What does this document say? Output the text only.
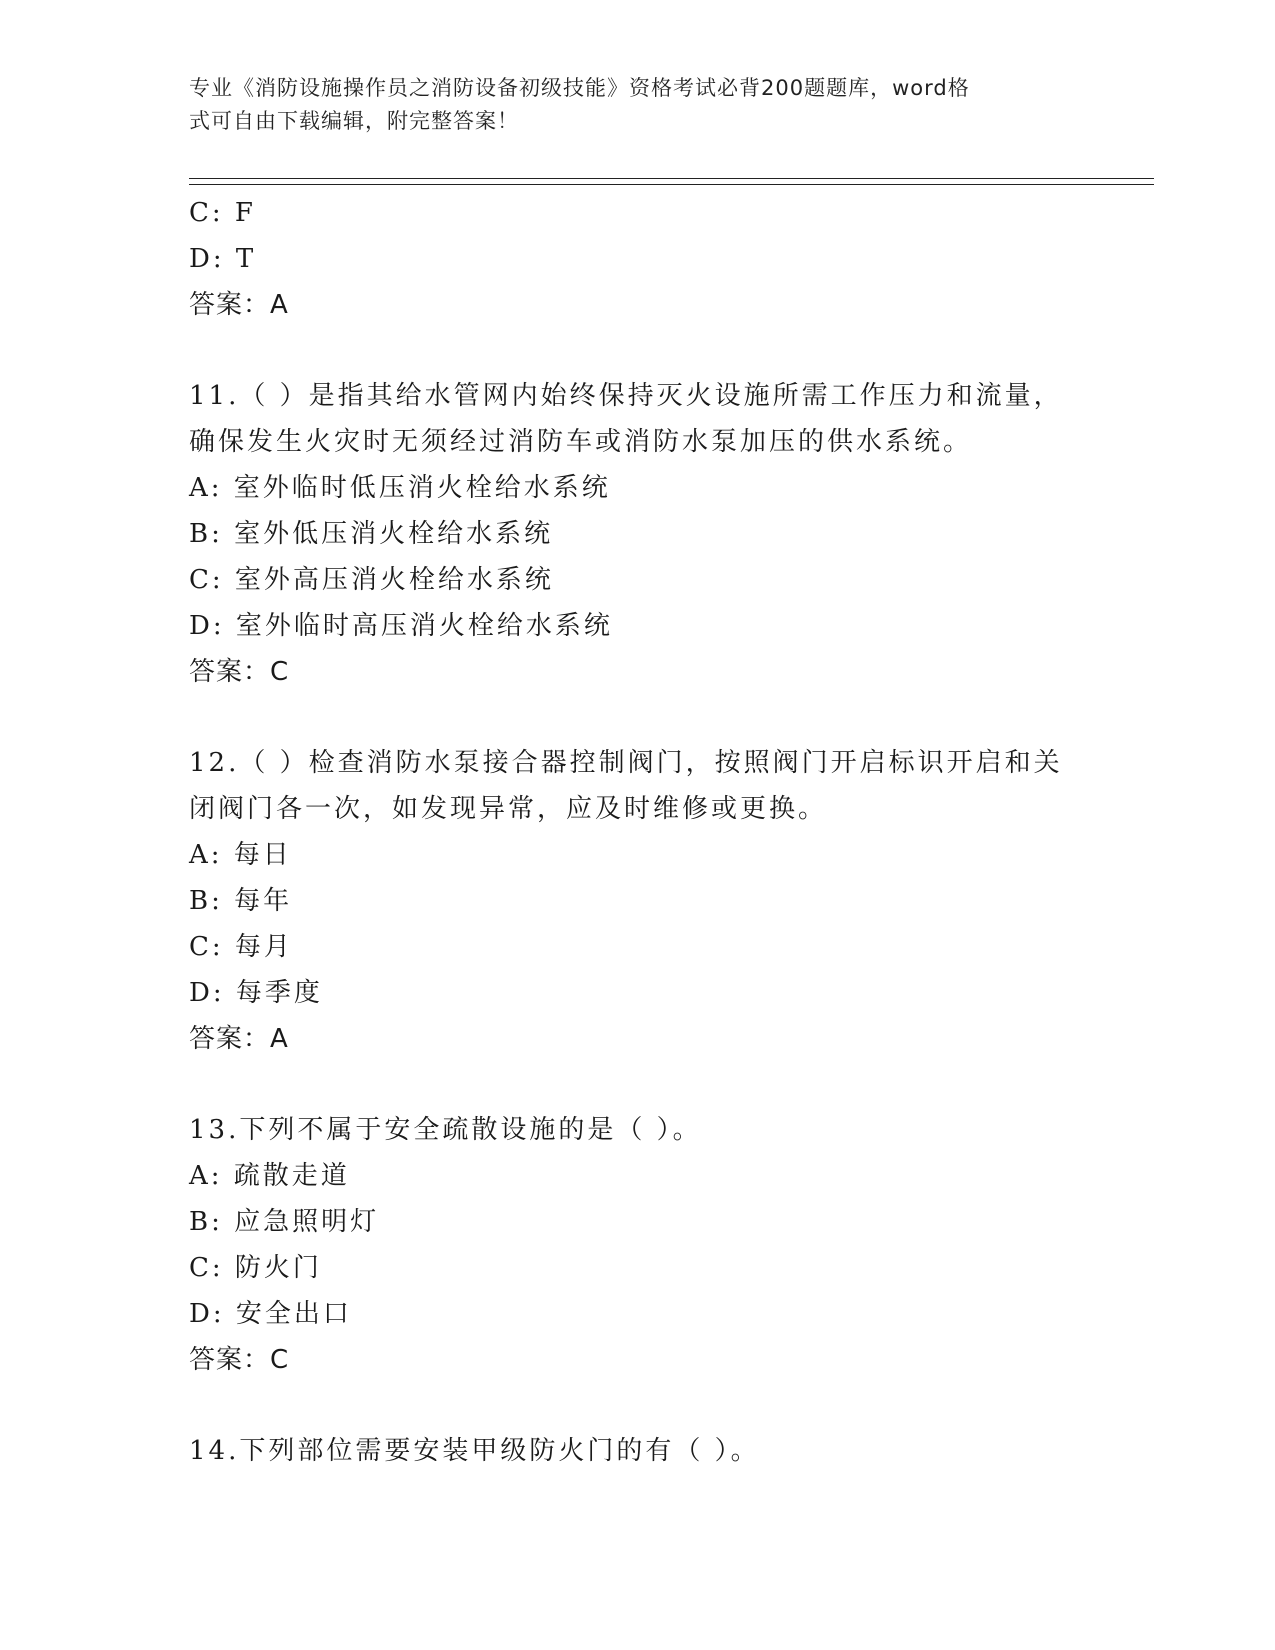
专业《消防设施操作员之消防设备初级技能》资格考试必背200题题库，word格
式可自由下载编辑，附完整答案！
C: F
D: T
答案：A
11.（ ）是指其给水管网内始终保持灭火设施所需工作压力和流量，
确保发生火灾时无须经过消防车或消防水泵加压的供水系统。
A: 室外临时低压消火栓给水系统
B: 室外低压消火栓给水系统
C: 室外高压消火栓给水系统
D: 室外临时高压消火栓给水系统
答案：C
12.（ ）检查消防水泵接合器控制阀门，按照阀门开启标识开启和关
闭阀门各一次，如发现异常，应及时维修或更换。
A: 每日
B: 每年
C: 每月
D: 每季度
答案：A
13.下列不属于安全疏散设施的是（ ）。
A: 疏散走道
B: 应急照明灯
C: 防火门
D: 安全出口
答案：C
14.下列部位需要安装甲级防火门的有（ ）。
